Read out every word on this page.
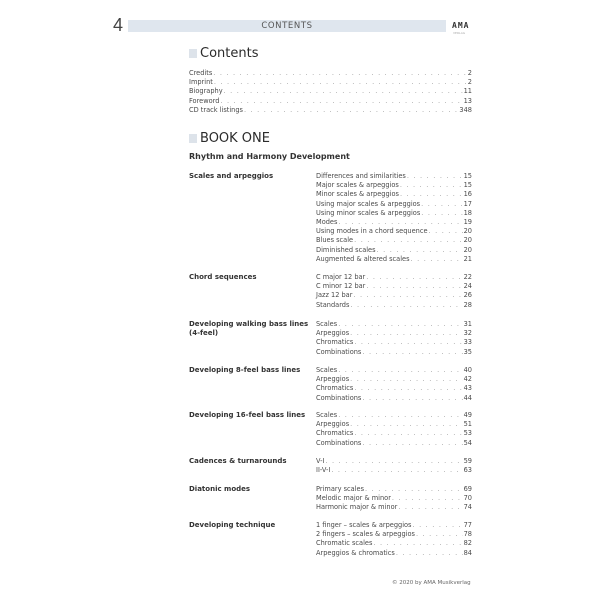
4	CONTENTS	AMA
VERLAG
Contents
Credits . . .	2
Imprint . . .	2
Biography . . .	11
Foreword . . .	13
CD track listings . . .	348
BOOK ONE
Rhythm and Harmony Development
Scales and arpeggios	Differences and similarities . . .	15
Major scales & arpeggios . . .	15
Minor scales & arpeggios . . .	16
Using major scales & arpeggios . . .	17
Using minor scales & arpeggios . . .	18
Modes . . .	19
Using modes in a chord sequence . . .	20
Blues scale . . .	20
Diminished scales . . .	20
Augmented & altered scales . . .	21
Chord sequences	C major 12 bar . . .	22
C minor 12 bar . . .	24
Jazz 12 bar . . .	26
Standards . . .	28
Developing walking bass lines (4-feel)
Scales . . .	31
Arpeggios . . .	32
Chromatics . . .	33
Combinations . . .	35
Developing 8-feel bass lines	Scales . . .	40
Arpeggios . . .	42
Chromatics . . .	43
Combinations . . .	44
Developing 16-feel bass lines	Scales . . .	49
Arpeggios . . .	51
Chromatics . . .	53
Combinations . . .	54
Cadences & turnarounds	V-I . . .	59
II-V-I . . .	63
Diatonic modes	Primary scales . . .	69
Melodic major & minor . . .	70
Harmonic major & minor . . .	74
Developing technique	1 finger – scales & arpeggios . . .	77
2 fingers – scales & arpeggios . . .	78
Chromatic scales . . .	82
Arpeggios & chromatics . . .	84
© 2020 by AMA Musikverlag
